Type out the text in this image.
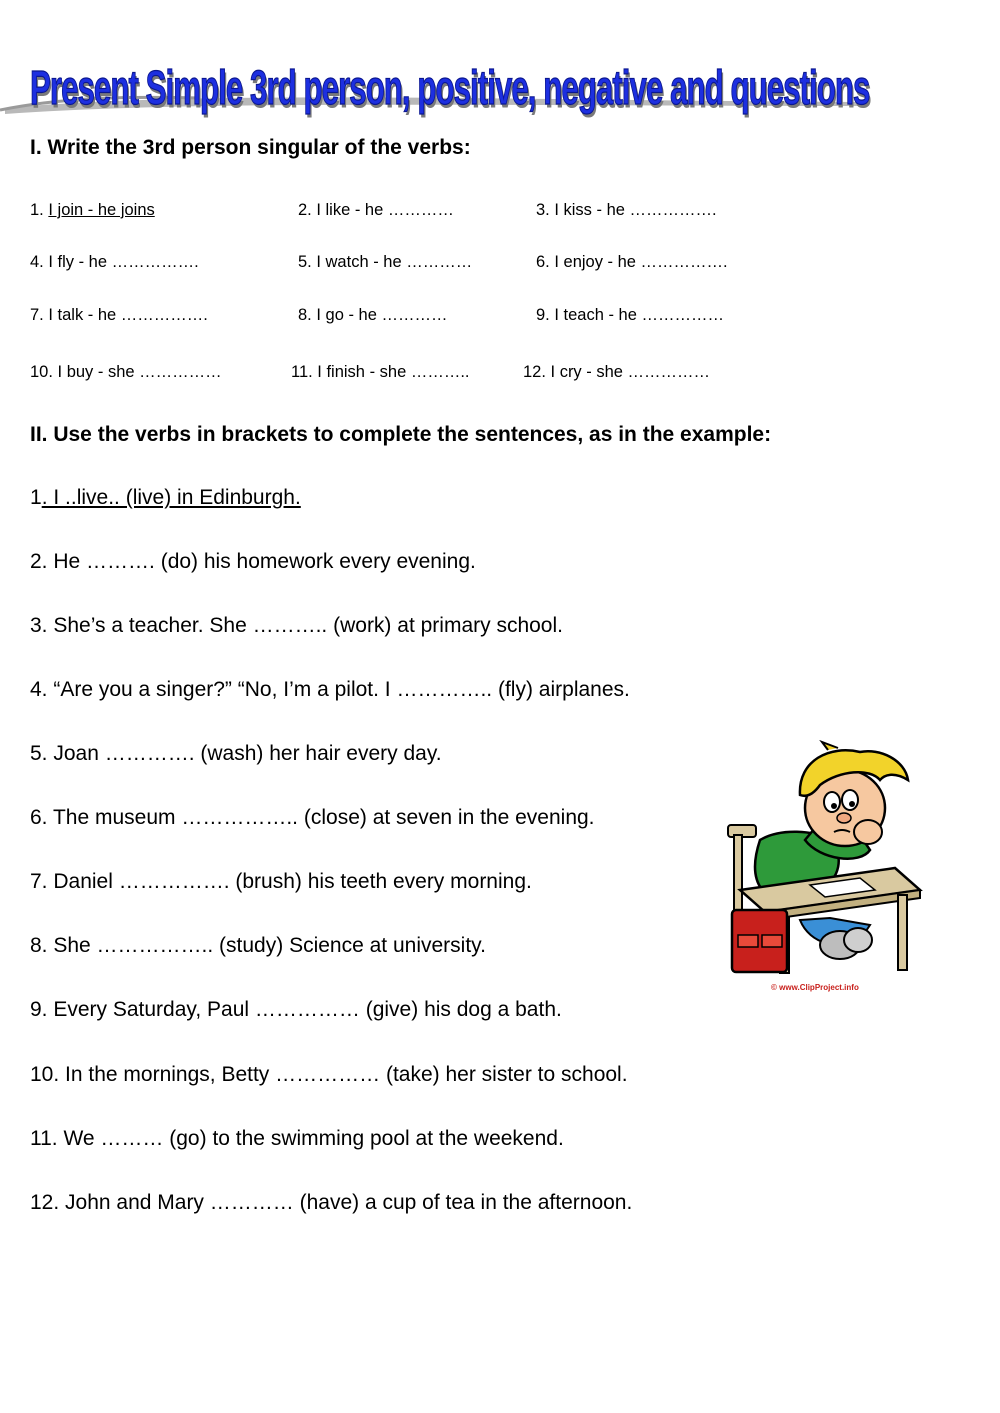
Present Simple 3rd person, positive, negative and questions
I. Write the 3rd person singular of the verbs:
1. I join - he joins	2. I like - he …………	3. I kiss - he …………….
4. I fly - he …………….	5. I watch - he …………	6. I enjoy - he …………….
7. I talk - he …………….	8. I go - he …………	9. I teach - he ……………
10. I buy - she ……………	11. I finish - she ………..	12. I cry - she ……………
II. Use the verbs in brackets to complete the sentences, as in the example:
1. I ..live.. (live) in Edinburgh.
2. He ………. (do) his homework every evening.
3. She’s a teacher. She ……….. (work) at primary school.
4. “Are you a singer?” “No, I’m a pilot. I ………….. (fly) airplanes.
5. Joan …………. (wash) her hair every day.
6. The museum …………….. (close) at seven in the evening.
7. Daniel ……………. (brush) his teeth every morning.
8. She …………….. (study) Science at university.
9. Every Saturday, Paul …………… (give) his dog a bath.
10. In the mornings, Betty …………… (take) her sister to school.
11. We ……… (go) to the swimming pool at the weekend.
12. John and Mary ………… (have) a cup of tea in the afternoon.
© www.ClipProject.info
